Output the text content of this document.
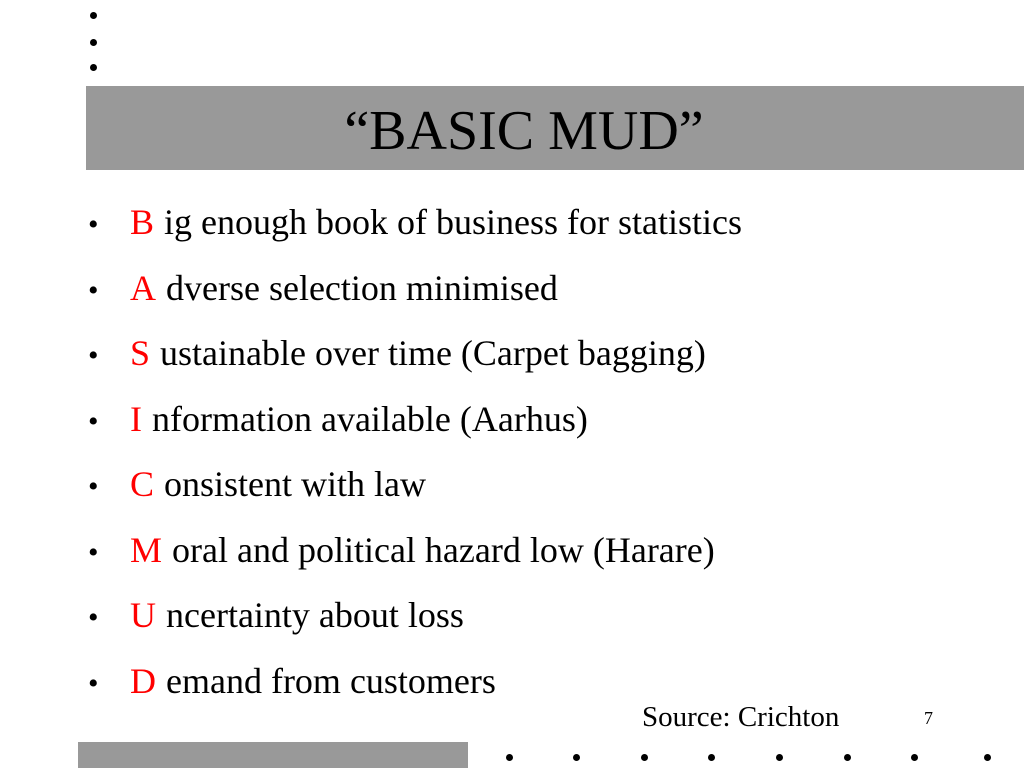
“BASIC MUD”
• B ig enough book of business for statistics
• A dverse selection minimised
• S ustainable over time (Carpet bagging)
• I nformation available (Aarhus)
• C onsistent with law
• M oral and political hazard low (Harare)
• U ncertainty about loss
• D emand from customers
Source: Crichton	7
